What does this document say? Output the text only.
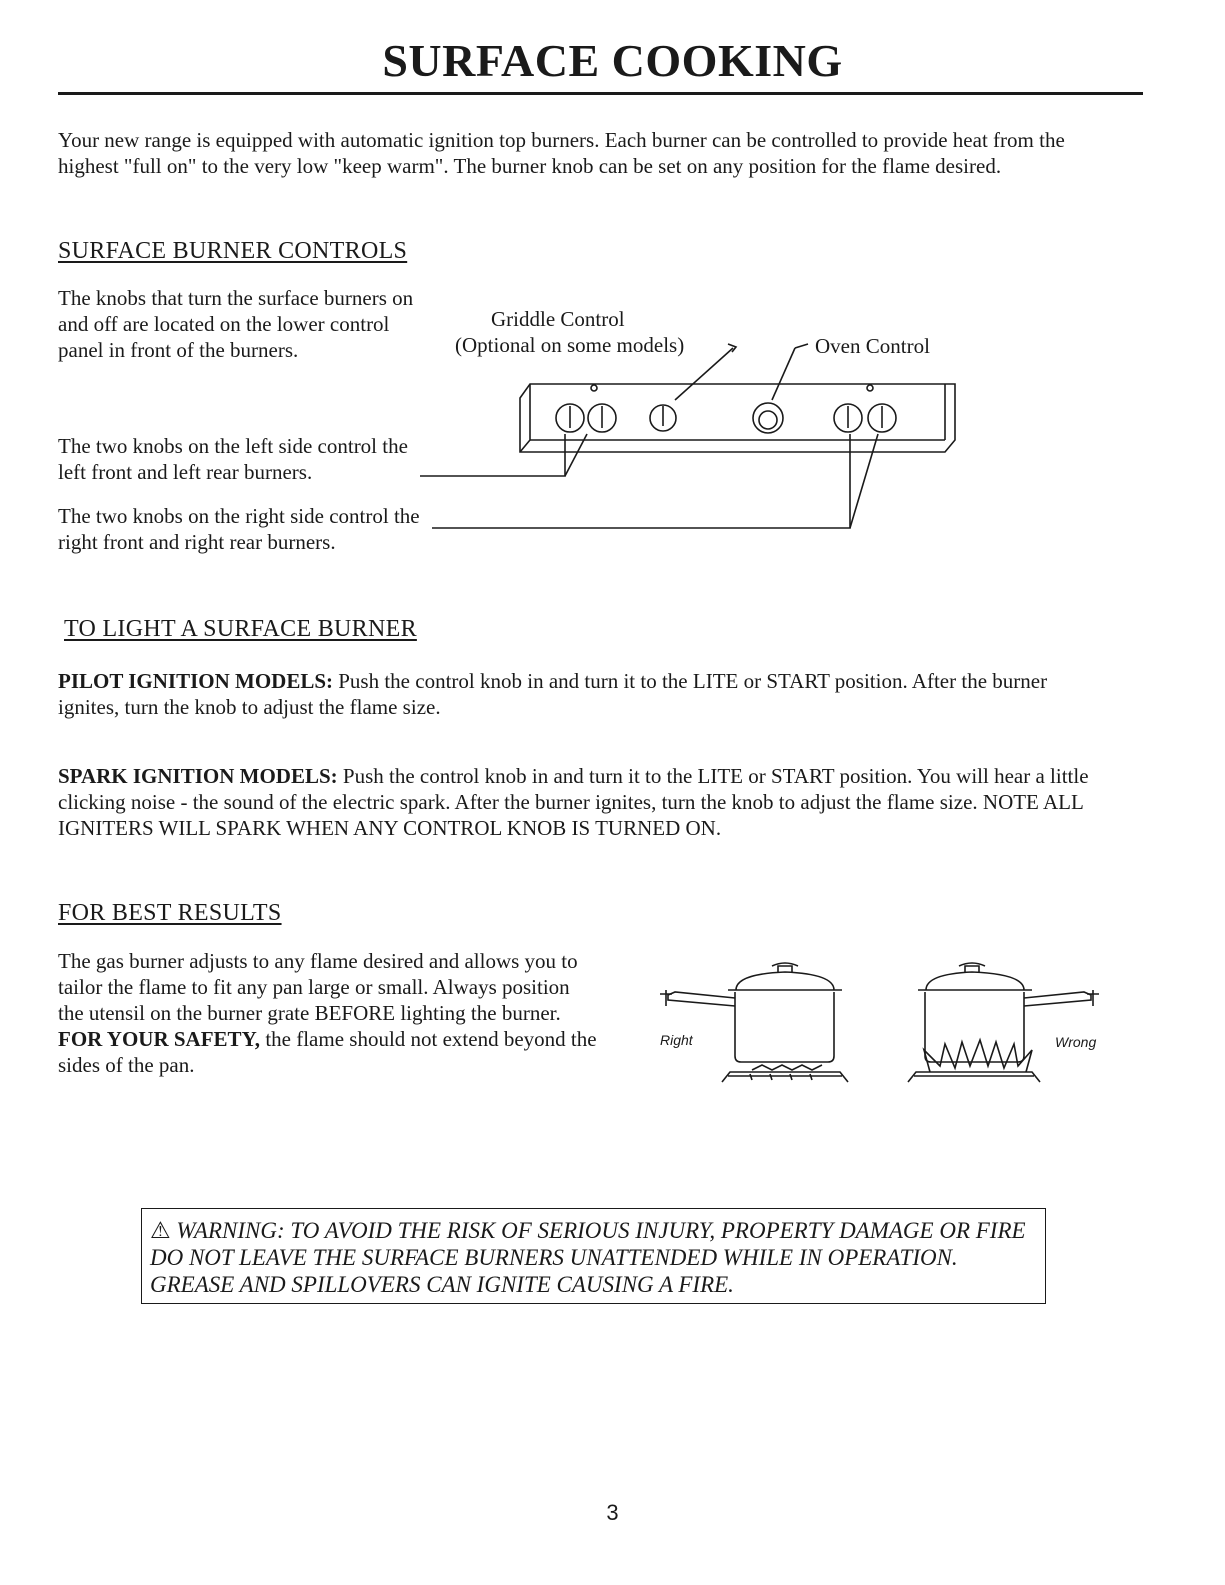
SURFACE COOKING
Your new range is equipped with automatic ignition top burners. Each burner can be controlled to provide heat from the highest "full on" to the very low "keep warm". The burner knob can be set on any position for the flame desired.
SURFACE BURNER CONTROLS
The knobs that turn the surface burners on and off are located on the lower control panel in front of the burners.
The two knobs on the left side control the left front and left rear burners.
The two knobs on the right side control the right front and right rear burners.
Griddle Control
(Optional on some models)	Oven Control
TO LIGHT A SURFACE BURNER
PILOT IGNITION MODELS: Push the control knob in and turn it to the LITE or START position. After the burner ignites, turn the knob to adjust the flame size.
SPARK IGNITION MODELS: Push the control knob in and turn it to the LITE or START position. You will hear a little clicking noise - the sound of the electric spark. After the burner ignites, turn the knob to adjust the flame size. NOTE ALL IGNITERS WILL SPARK WHEN ANY CONTROL KNOB IS TURNED ON.
FOR BEST RESULTS
The gas burner adjusts to any flame desired and allows you to tailor the flame to fit any pan large or small. Always position the utensil on the burner grate BEFORE lighting the burner. FOR YOUR SAFETY, the flame should not extend beyond the sides of the pan.
Right	Wrong
⚠ WARNING: TO AVOID THE RISK OF SERIOUS INJURY, PROPERTY DAMAGE OR FIRE DO NOT LEAVE THE SURFACE BURNERS UNATTENDED WHILE IN OPERATION. GREASE AND SPILLOVERS CAN IGNITE CAUSING A FIRE.
3
